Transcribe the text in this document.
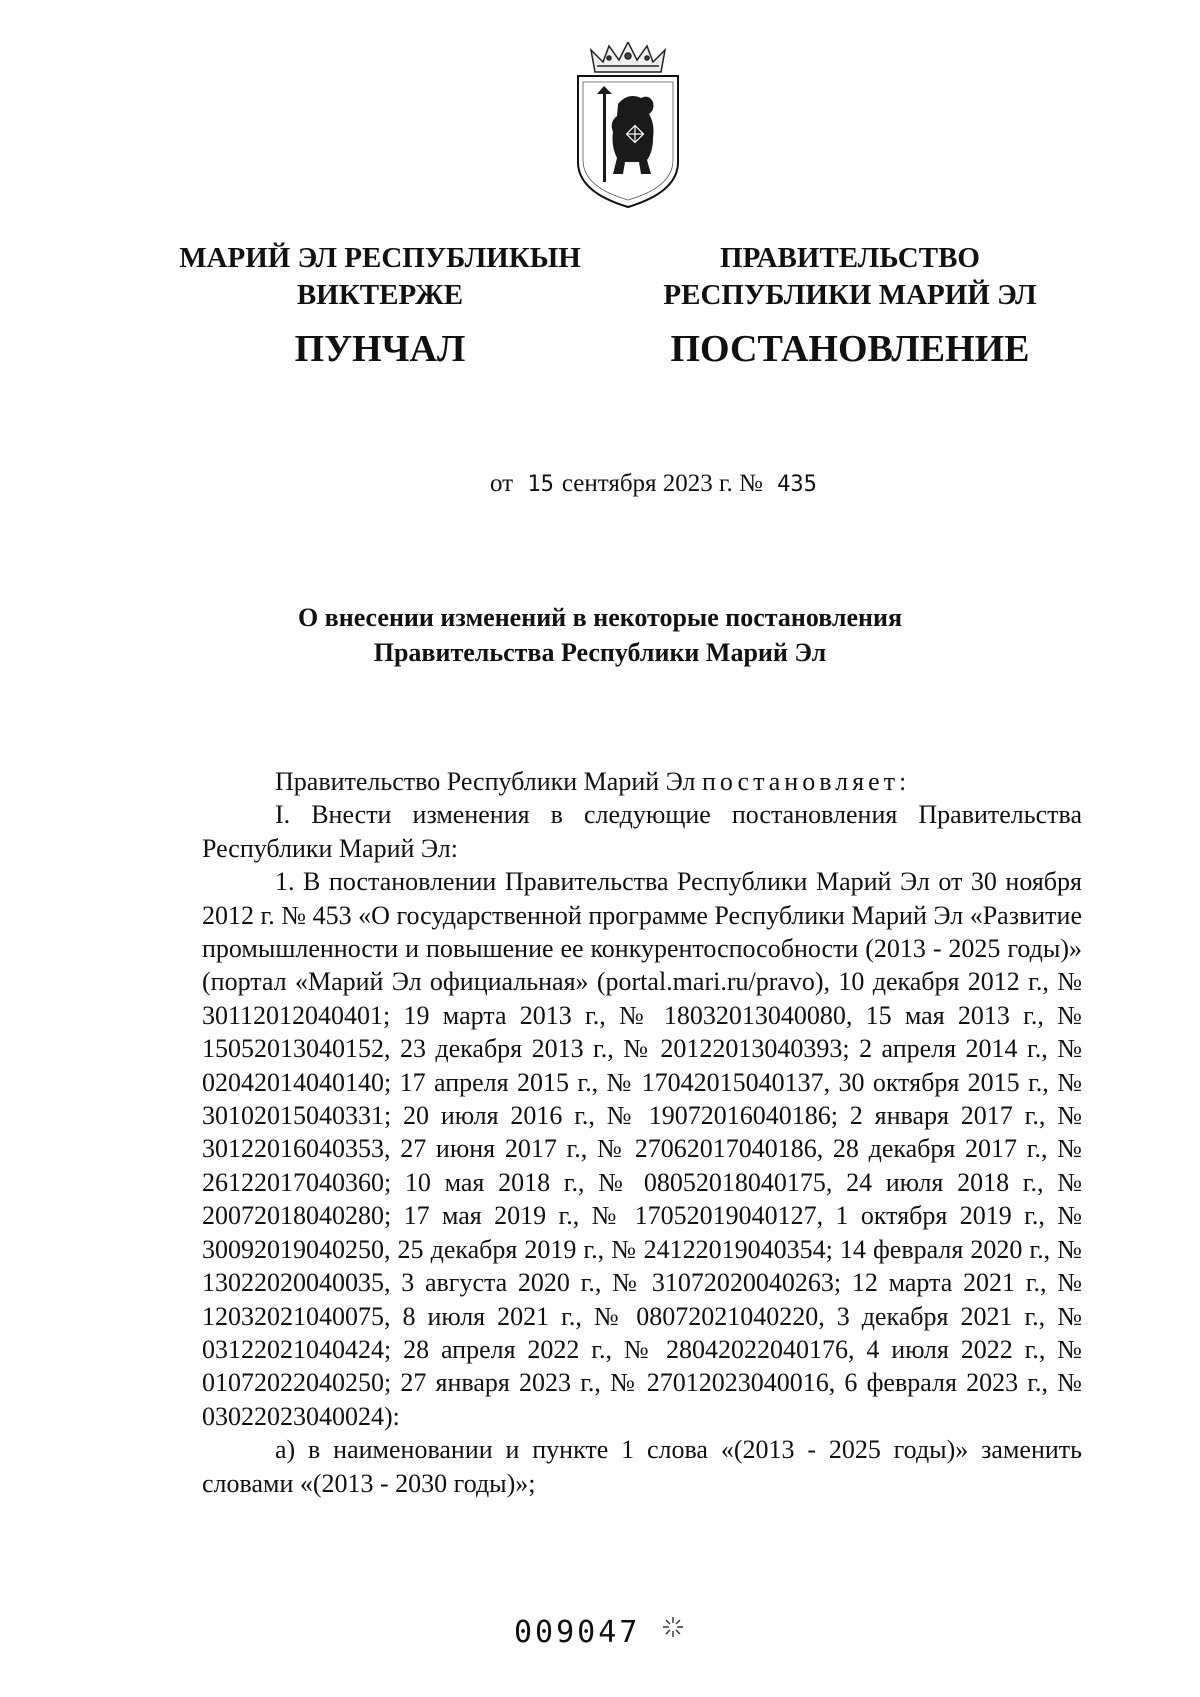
МАРИЙ ЭЛ РЕСПУБЛИКЫН
ВИКТЕРЖЕ
ПУНЧАЛ
ПРАВИТЕЛЬСТВО
РЕСПУБЛИКИ МАРИЙ ЭЛ
ПОСТАНОВЛЕНИЕ
от 15 сентября 2023 г. № 435
О внесении изменений в некоторые постановления
Правительства Республики Марий Эл

Правительство Республики Марий Эл постановляет:

I. Внести изменения в следующие постановления Правительства Республики Марий Эл:

1. В постановлении Правительства Республики Марий Эл от 30 ноября 2012 г. № 453 «О государственной программе Республики Марий Эл «Развитие промышленности и повышение ее конкурентоспособности (2013 - 2025 годы)» (портал «Марий Эл официальная» (portal.mari.ru/pravo), 10 декабря 2012 г., № 30112012040401; 19 марта 2013 г., № 18032013040080, 15 мая 2013 г., № 15052013040152, 23 декабря 2013 г., № 20122013040393; 2 апреля 2014 г., № 02042014040140; 17 апреля 2015 г., № 17042015040137, 30 октября 2015 г., № 30102015040331; 20 июля 2016 г., № 19072016040186; 2 января 2017 г., № 30122016040353, 27 июня 2017 г., № 27062017040186, 28 декабря 2017 г., № 26122017040360; 10 мая 2018 г., № 08052018040175, 24 июля 2018 г., № 20072018040280; 17 мая 2019 г., № 17052019040127, 1 октября 2019 г., № 30092019040250, 25 декабря 2019 г., № 24122019040354; 14 февраля 2020 г., № 13022020040035, 3 августа 2020 г., № 31072020040263; 12 марта 2021 г., № 12032021040075, 8 июля 2021 г., № 08072021040220, 3 декабря 2021 г., № 03122021040424; 28 апреля 2022 г., № 28042022040176, 4 июля 2022 г., № 01072022040250; 27 января 2023 г., № 27012023040016, 6 февраля 2023 г., № 03022023040024):

а) в наименовании и пункте 1 слова «(2013 - 2025 годы)» заменить словами «(2013 - 2030 годы)»;

009047
